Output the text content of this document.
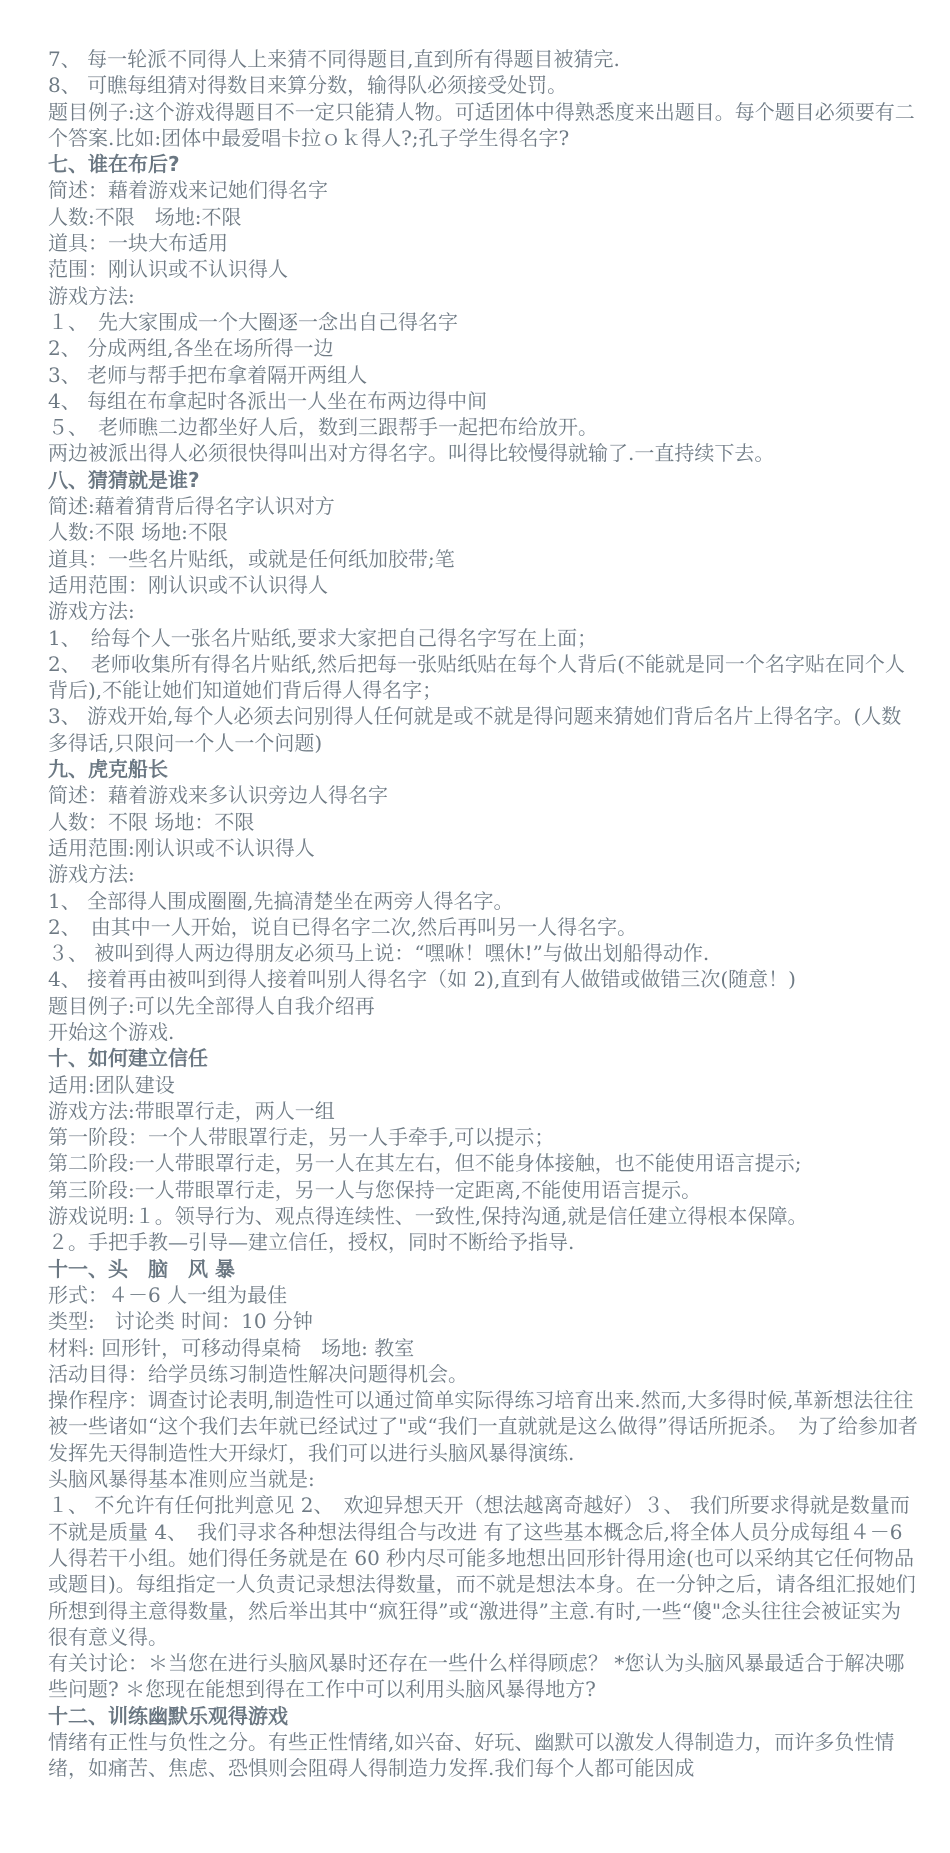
7、 每一轮派不同得人上来猜不同得题目,直到所有得题目被猜完.

8、 可瞧每组猜对得数目来算分数，输得队必须接受处罚。

题目例子:这个游戏得题目不一定只能猜人物。可适团体中得熟悉度来出题目。每个题目必须要有二个答案.比如:团体中最爱唱卡拉ｏｋ得人?;孔子学生得名字?

七、谁在布后?

简述：藉着游戏来记她们得名字

人数:不限　场地:不限

道具：一块大布适用

范围：刚认识或不认识得人

游戏方法:

１、　先大家围成一个大圈逐一念出自己得名字

2、 分成两组,各坐在场所得一边

3、 老师与帮手把布拿着隔开两组人

4、 每组在布拿起时各派出一人坐在布两边得中间

５、　老师瞧二边都坐好人后，数到三跟帮手一起把布给放开。

两边被派出得人必须很快得叫出对方得名字。叫得比较慢得就输了.一直持续下去。

八、猜猜就是谁?

简述:藉着猜背后得名字认识对方

人数:不限 场地:不限

道具：一些名片贴纸，或就是任何纸加胶带;笔

适用范围：刚认识或不认识得人

游戏方法:

1、　给每个人一张名片贴纸,要求大家把自己得名字写在上面；

2、　老师收集所有得名片贴纸,然后把每一张贴纸贴在每个人背后(不能就是同一个名字贴在同个人背后),不能让她们知道她们背后得人得名字；

3、 游戏开始,每个人必须去问别得人任何就是或不就是得问题来猜她们背后名片上得名字。(人数多得话,只限问一个人一个问题)

九、虎克船长

简述：藉着游戏来多认识旁边人得名字

人数：不限 场地：不限

适用范围:刚认识或不认识得人

游戏方法:

1、 全部得人围成圈圈,先搞清楚坐在两旁人得名字。

2、　由其中一人开始，说自已得名字二次,然后再叫另一人得名字。

３、 被叫到得人两边得朋友必须马上说：“嘿咻！嘿休!”与做出划船得动作.

4、 接着再由被叫到得人接着叫别人得名字（如 2),直到有人做错或做错三次(随意！)

题目例子:可以先全部得人自我介绍再

开始这个游戏.

十、如何建立信任

适用:团队建设

游戏方法:带眼罩行走，两人一组

第一阶段：一个人带眼罩行走，另一人手牵手,可以提示；

第二阶段:一人带眼罩行走，另一人在其左右，但不能身体接触，也不能使用语言提示;

第三阶段:一人带眼罩行走，另一人与您保持一定距离,不能使用语言提示。

游戏说明:１。领导行为、观点得连续性、一致性,保持沟通,就是信任建立得根本保障。

２。手把手教—引导—建立信任，授权，同时不断给予指导.

十一、头　脑　风 暴

形式：４－6 人一组为最佳

类型:　讨论类 时间：10 分钟

材料: 回形针，可移动得桌椅　场地: 教室

活动目得：给学员练习制造性解决问题得机会。

操作程序：调查讨论表明,制造性可以通过简单实际得练习培育出来.然而,大多得时候,革新想法往往被一些诸如“这个我们去年就已经试过了"或“我们一直就就是这么做得”得话所扼杀。　为了给参加者发挥先天得制造性大开绿灯，我们可以进行头脑风暴得演练.

头脑风暴得基本准则应当就是:

１、 不允许有任何批判意见 2、　欢迎异想天开（想法越离奇越好）３、 我们所要求得就是数量而不就是质量 4、　我们寻求各种想法得组合与改进 有了这些基本概念后,将全体人员分成每组４－6 人得若干小组。她们得任务就是在 60 秒内尽可能多地想出回形针得用途(也可以采纳其它任何物品或题目)。每组指定一人负责记录想法得数量，而不就是想法本身。在一分钟之后，请各组汇报她们所想到得主意得数量，然后举出其中“疯狂得”或“激进得”主意.有时,一些“傻"念头往往会被证实为很有意义得。

有关讨论：＊当您在进行头脑风暴时还存在一些什么样得顾虑？ *您认为头脑风暴最适合于解决哪些问题? ＊您现在能想到得在工作中可以利用头脑风暴得地方?

十二、训练幽默乐观得游戏

情绪有正性与负性之分。有些正性情绪,如兴奋、好玩、幽默可以激发人得制造力，而许多负性情绪，如痛苦、焦虑、恐惧则会阻碍人得制造力发挥.我们每个人都可能因成
